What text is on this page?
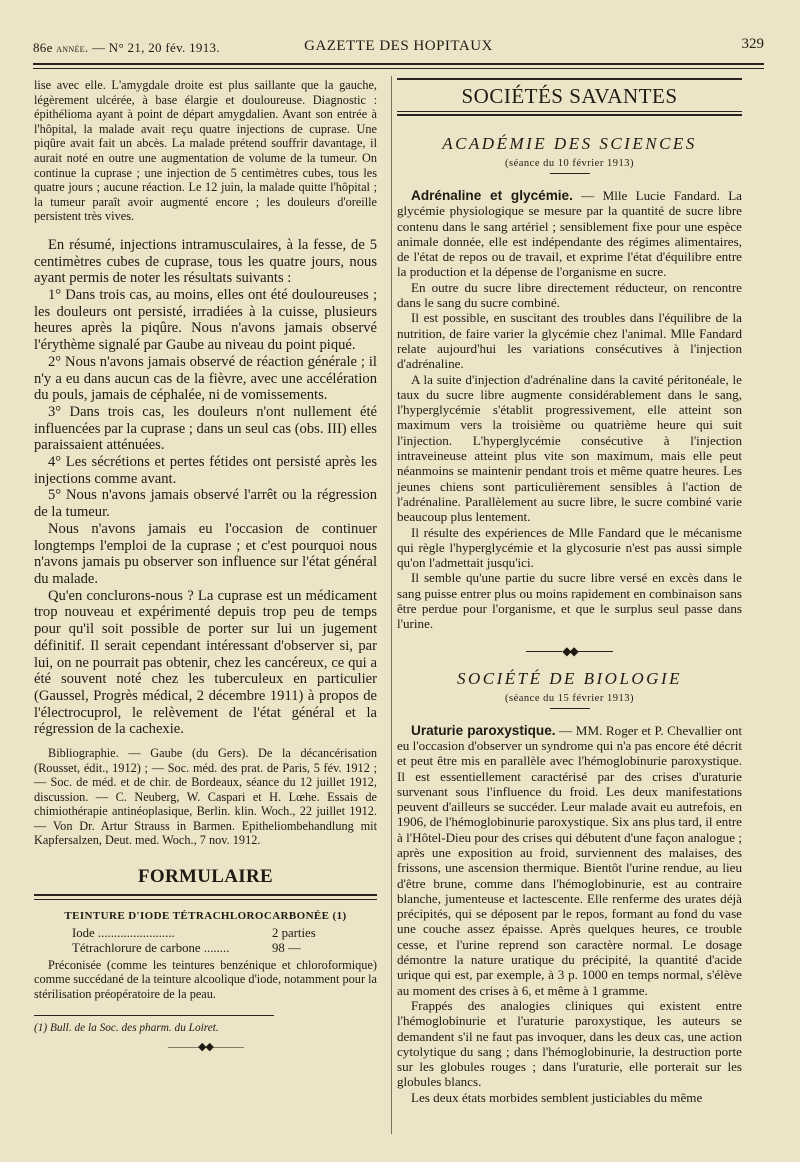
86e année. — N° 21, 20 fév. 1913.	GAZETTE DES HOPITAUX	329

lise avec elle. L'amygdale droite est plus saillante que la gauche, légèrement ulcérée, à base élargie et douloureuse. Diagnostic : épithélioma ayant à point de départ amygdalien. Avant son entrée à l'hôpital, la malade avait reçu quatre injections de cuprase. Une piqûre avait fait un abcès. La malade prétend souffrir davantage, il aurait noté en outre une augmentation de volume de la tumeur. On continue la cuprase ; une injection de 5 centimètres cubes, tous les quatre jours ; aucune réaction. Le 12 juin, la malade quitte l'hôpital ; la tumeur paraît avoir augmenté encore ; les douleurs d'oreille persistent très vives.

En résumé, injections intramusculaires, à la fesse, de 5 centimètres cubes de cuprase, tous les quatre jours, nous ayant permis de noter les résultats suivants :

1° Dans trois cas, au moins, elles ont été douloureuses ; les douleurs ont persisté, irradiées à la cuisse, plusieurs heures après la piqûre. Nous n'avons jamais observé l'érythème signalé par Gaube au niveau du point piqué.

2° Nous n'avons jamais observé de réaction générale ; il n'y a eu dans aucun cas de la fièvre, avec une accélération du pouls, jamais de céphalée, ni de vomissements.

3° Dans trois cas, les douleurs n'ont nullement été influencées par la cuprase ; dans un seul cas (obs. III) elles paraissaient atténuées.

4° Les sécrétions et pertes fétides ont persisté après les injections comme avant.

5° Nous n'avons jamais observé l'arrêt ou la régression de la tumeur.

Nous n'avons jamais eu l'occasion de continuer longtemps l'emploi de la cuprase ; et c'est pourquoi nous n'avons jamais pu observer son influence sur l'état général du malade.

Qu'en conclurons-nous ? La cuprase est un médicament trop nouveau et expérimenté depuis trop peu de temps pour qu'il soit possible de porter sur lui un jugement définitif. Il serait cependant intéressant d'observer si, par lui, on ne pourrait pas obtenir, chez les cancéreux, ce qui a été souvent noté chez les tuberculeux en particulier (Gaussel, Progrès médical, 2 décembre 1911) à propos de l'électrocuprol, le relèvement de l'état général et la régression de la cachexie.

Bibliographie. — Gaube (du Gers). De la décancérisation (Rousset, édit., 1912) ; — Soc. méd. des prat. de Paris, 5 fév. 1912 ; — Soc. de méd. et de chir. de Bordeaux, séance du 12 juillet 1912, discussion. — C. Neuberg, W. Caspari et H. Lœhe. Essais de chimiothérapie antinéoplasique, Berlin. klin. Woch., 22 juillet 1912. — Von Dr. Artur Strauss in Barmen. Epitheliombehandlung mit Kapfersalzen, Deut. med. Woch., 7 nov. 1912.

FORMULAIRE
TEINTURE D'IODE TÉTRACHLOROCARBONÉE (1)
Iode ........................	2 parties
Tétrachlorure de carbone ........	98 —

Préconisée (comme les teintures benzénique et chloroformique) comme succédané de la teinture alcoolique d'iode, notamment pour la stérilisation préopératoire de la peau.

(1) Bull. de la Soc. des pharm. du Loiret.

———◆◆———
SOCIÉTÉS SAVANTES
ACADÉMIE DES SCIENCES
(séance du 10 février 1913)

Adrénaline et glycémie. — Mlle Lucie Fandard. La glycémie physiologique se mesure par la quantité de sucre libre contenu dans le sang artériel ; sensiblement fixe pour une espèce animale donnée, elle est indépendante des régimes alimentaires, de l'état de repos ou de travail, et exprime l'état d'équilibre entre la production et la dépense de l'organisme en sucre.

En outre du sucre libre directement réducteur, on rencontre dans le sang du sucre combiné.

Il est possible, en suscitant des troubles dans l'équilibre de la nutrition, de faire varier la glycémie chez l'animal. Mlle Fandard relate aujourd'hui les variations consécutives à l'injection d'adrénaline.

A la suite d'injection d'adrénaline dans la cavité péritonéale, le taux du sucre libre augmente considérablement dans le sang, l'hyperglycémie s'établit progressivement, elle atteint son maximum vers la troisième ou quatrième heure qui suit l'injection. L'hyperglycémie consécutive à l'injection intraveineuse atteint plus vite son maximum, mais elle peut néanmoins se maintenir pendant trois et même quatre heures. Les jeunes chiens sont particulièrement sensibles à l'action de l'adrénaline. Parallèlement au sucre libre, le sucre combiné varie beaucoup plus lentement.

Il résulte des expériences de Mlle Fandard que le mécanisme qui règle l'hyperglycémie et la glycosurie n'est pas aussi simple qu'on l'admettait jusqu'ici.

Il semble qu'une partie du sucre libre versé en excès dans le sang puisse entrer plus ou moins rapidement en combinaison sans être perdue pour l'organisme, et que le surplus seul passe dans l'urine.

◆◆
SOCIÉTÉ DE BIOLOGIE
(séance du 15 février 1913)

Uraturie paroxystique. — MM. Roger et P. Chevallier ont eu l'occasion d'observer un syndrome qui n'a pas encore été décrit et peut être mis en parallèle avec l'hémoglobinurie paroxystique. Il est essentiellement caractérisé par des crises d'uraturie survenant sous l'influence du froid. Les deux manifestations peuvent d'ailleurs se succéder. Leur malade avait eu autrefois, en 1906, de l'hémoglobinurie paroxystique. Six ans plus tard, il entre à l'Hôtel-Dieu pour des crises qui débutent d'une façon analogue ; après une exposition au froid, surviennent des malaises, des frissons, une ascension thermique. Bientôt l'urine rendue, au lieu d'être brune, comme dans l'hémoglobinurie, est au contraire blanche, jumenteuse et lactescente. Elle renferme des urates déjà précipités, qui se déposent par le repos, formant au fond du vase une couche assez épaisse. Après quelques heures, ce trouble cesse, et l'urine reprend son caractère normal. Le dosage démontre la nature uratique du précipité, la quantité d'acide urique qui est, par exemple, à 3 p. 1000 en temps normal, s'élève au moment des crises à 6, et même à 1 gramme.

Frappés des analogies cliniques qui existent entre l'hémoglobinurie et l'uraturie paroxystique, les auteurs se demandent s'il ne faut pas invoquer, dans les deux cas, une action cytolytique du sang ; dans l'hémoglobinurie, la destruction porte sur les globules rouges ; dans l'uraturie, elle porterait sur les globules blancs.

Les deux états morbides semblent justiciables du même
